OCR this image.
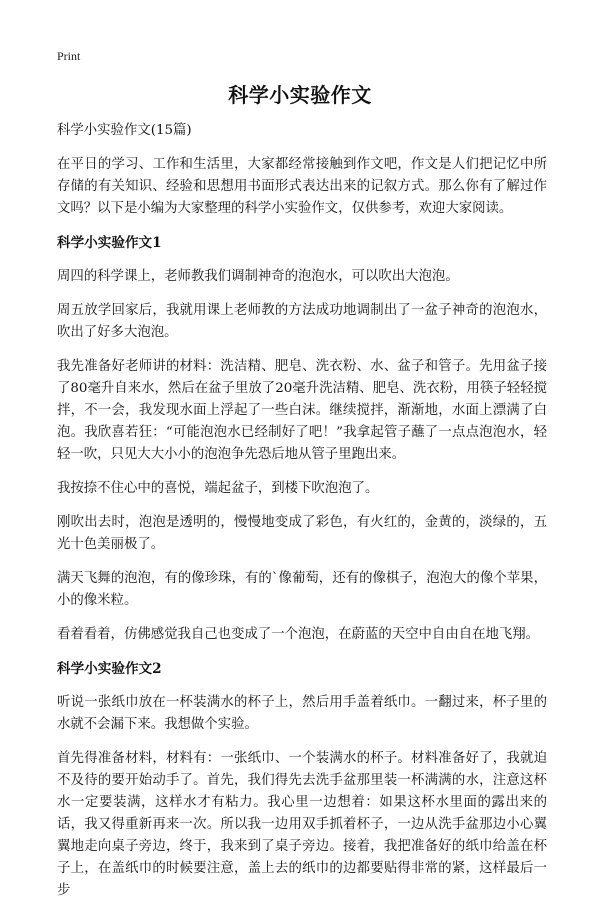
Print
科学小实验作文

科学小实验作文(15篇)

在平日的学习、工作和生活里，大家都经常接触到作文吧，作文是人们把记忆中所存储的有关知识、经验和思想用书面形式表达出来的记叙方式。那么你有了解过作文吗？以下是小编为大家整理的科学小实验作文，仅供参考，欢迎大家阅读。

科学小实验作文1

周四的科学课上，老师教我们调制神奇的泡泡水，可以吹出大泡泡。

周五放学回家后，我就用课上老师教的方法成功地调制出了一盆子神奇的泡泡水，吹出了好多大泡泡。

我先准备好老师讲的材料：洗洁精、肥皂、洗衣粉、水、盆子和管子。先用盆子接了80毫升自来水，然后在盆子里放了20毫升洗洁精、肥皂、洗衣粉，用筷子轻轻搅拌，不一会，我发现水面上浮起了一些白沫。继续搅拌，渐渐地，水面上漂满了白泡。我欣喜若狂：“可能泡泡水已经制好了吧！”我拿起管子蘸了一点点泡泡水，轻轻一吹，只见大大小小的泡泡争先恐后地从管子里跑出来。

我按捺不住心中的喜悦，端起盆子，到楼下吹泡泡了。

刚吹出去时，泡泡是透明的，慢慢地变成了彩色，有火红的，金黄的，淡绿的，五光十色美丽极了。

满天飞舞的泡泡，有的像珍珠，有的`像葡萄，还有的像棋子，泡泡大的像个苹果，小的像米粒。

看着看着，仿佛感觉我自己也变成了一个泡泡，在蔚蓝的天空中自由自在地飞翔。

科学小实验作文2

听说一张纸巾放在一杯装满水的杯子上，然后用手盖着纸巾。一翻过来，杯子里的水就不会漏下来。我想做个实验。

首先得准备材料，材料有：一张纸巾、一个装满水的杯子。材料准备好了，我就迫不及待的要开始动手了。首先，我们得先去洗手盆那里装一杯满满的水，注意这杯水一定要装满，这样水才有粘力。我心里一边想着：如果这杯水里面的露出来的话，我又得重新再来一次。所以我一边用双手抓着杯子，一边从洗手盆那边小心翼翼地走向桌子旁边，终于，我来到了桌子旁边。接着，我把准备好的纸巾给盖在杯子上，在盖纸巾的时候要注意，盖上去的纸巾的边都要贴得非常的紧，这样最后一步
